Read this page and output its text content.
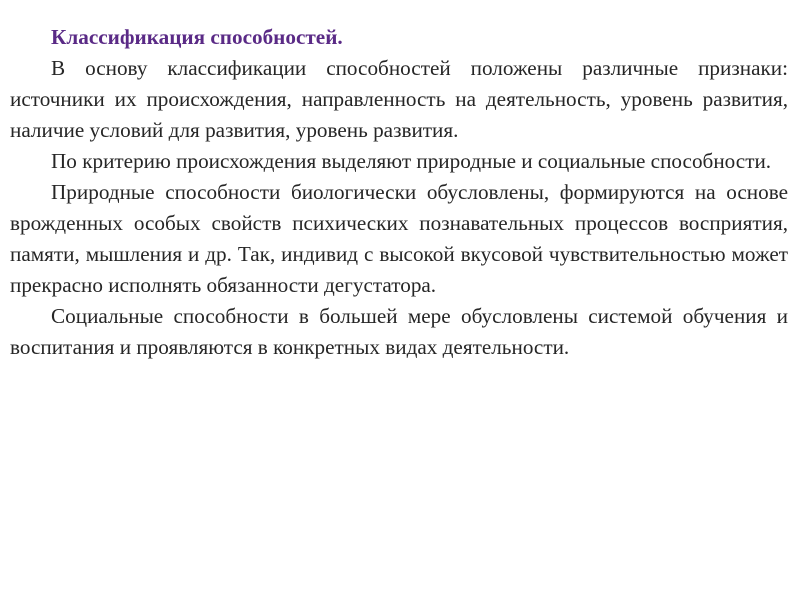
Классификация способностей.

В основу классификации способностей положены различные признаки: источники их происхождения, направленность на деятельность, уровень развития, наличие условий для развития, уровень развития.

По критерию происхождения выделяют природные и социальные способности.

Природные способности биологически обусловлены, формируются на основе врожденных особых свойств психических познавательных процессов восприятия, памяти, мышления и др. Так, индивид с высокой вкусовой чувствительностью может прекрасно исполнять обязанности дегустатора.

Социальные способности в большей мере обусловлены системой обучения и воспитания и проявляются в конкретных видах деятельности.
